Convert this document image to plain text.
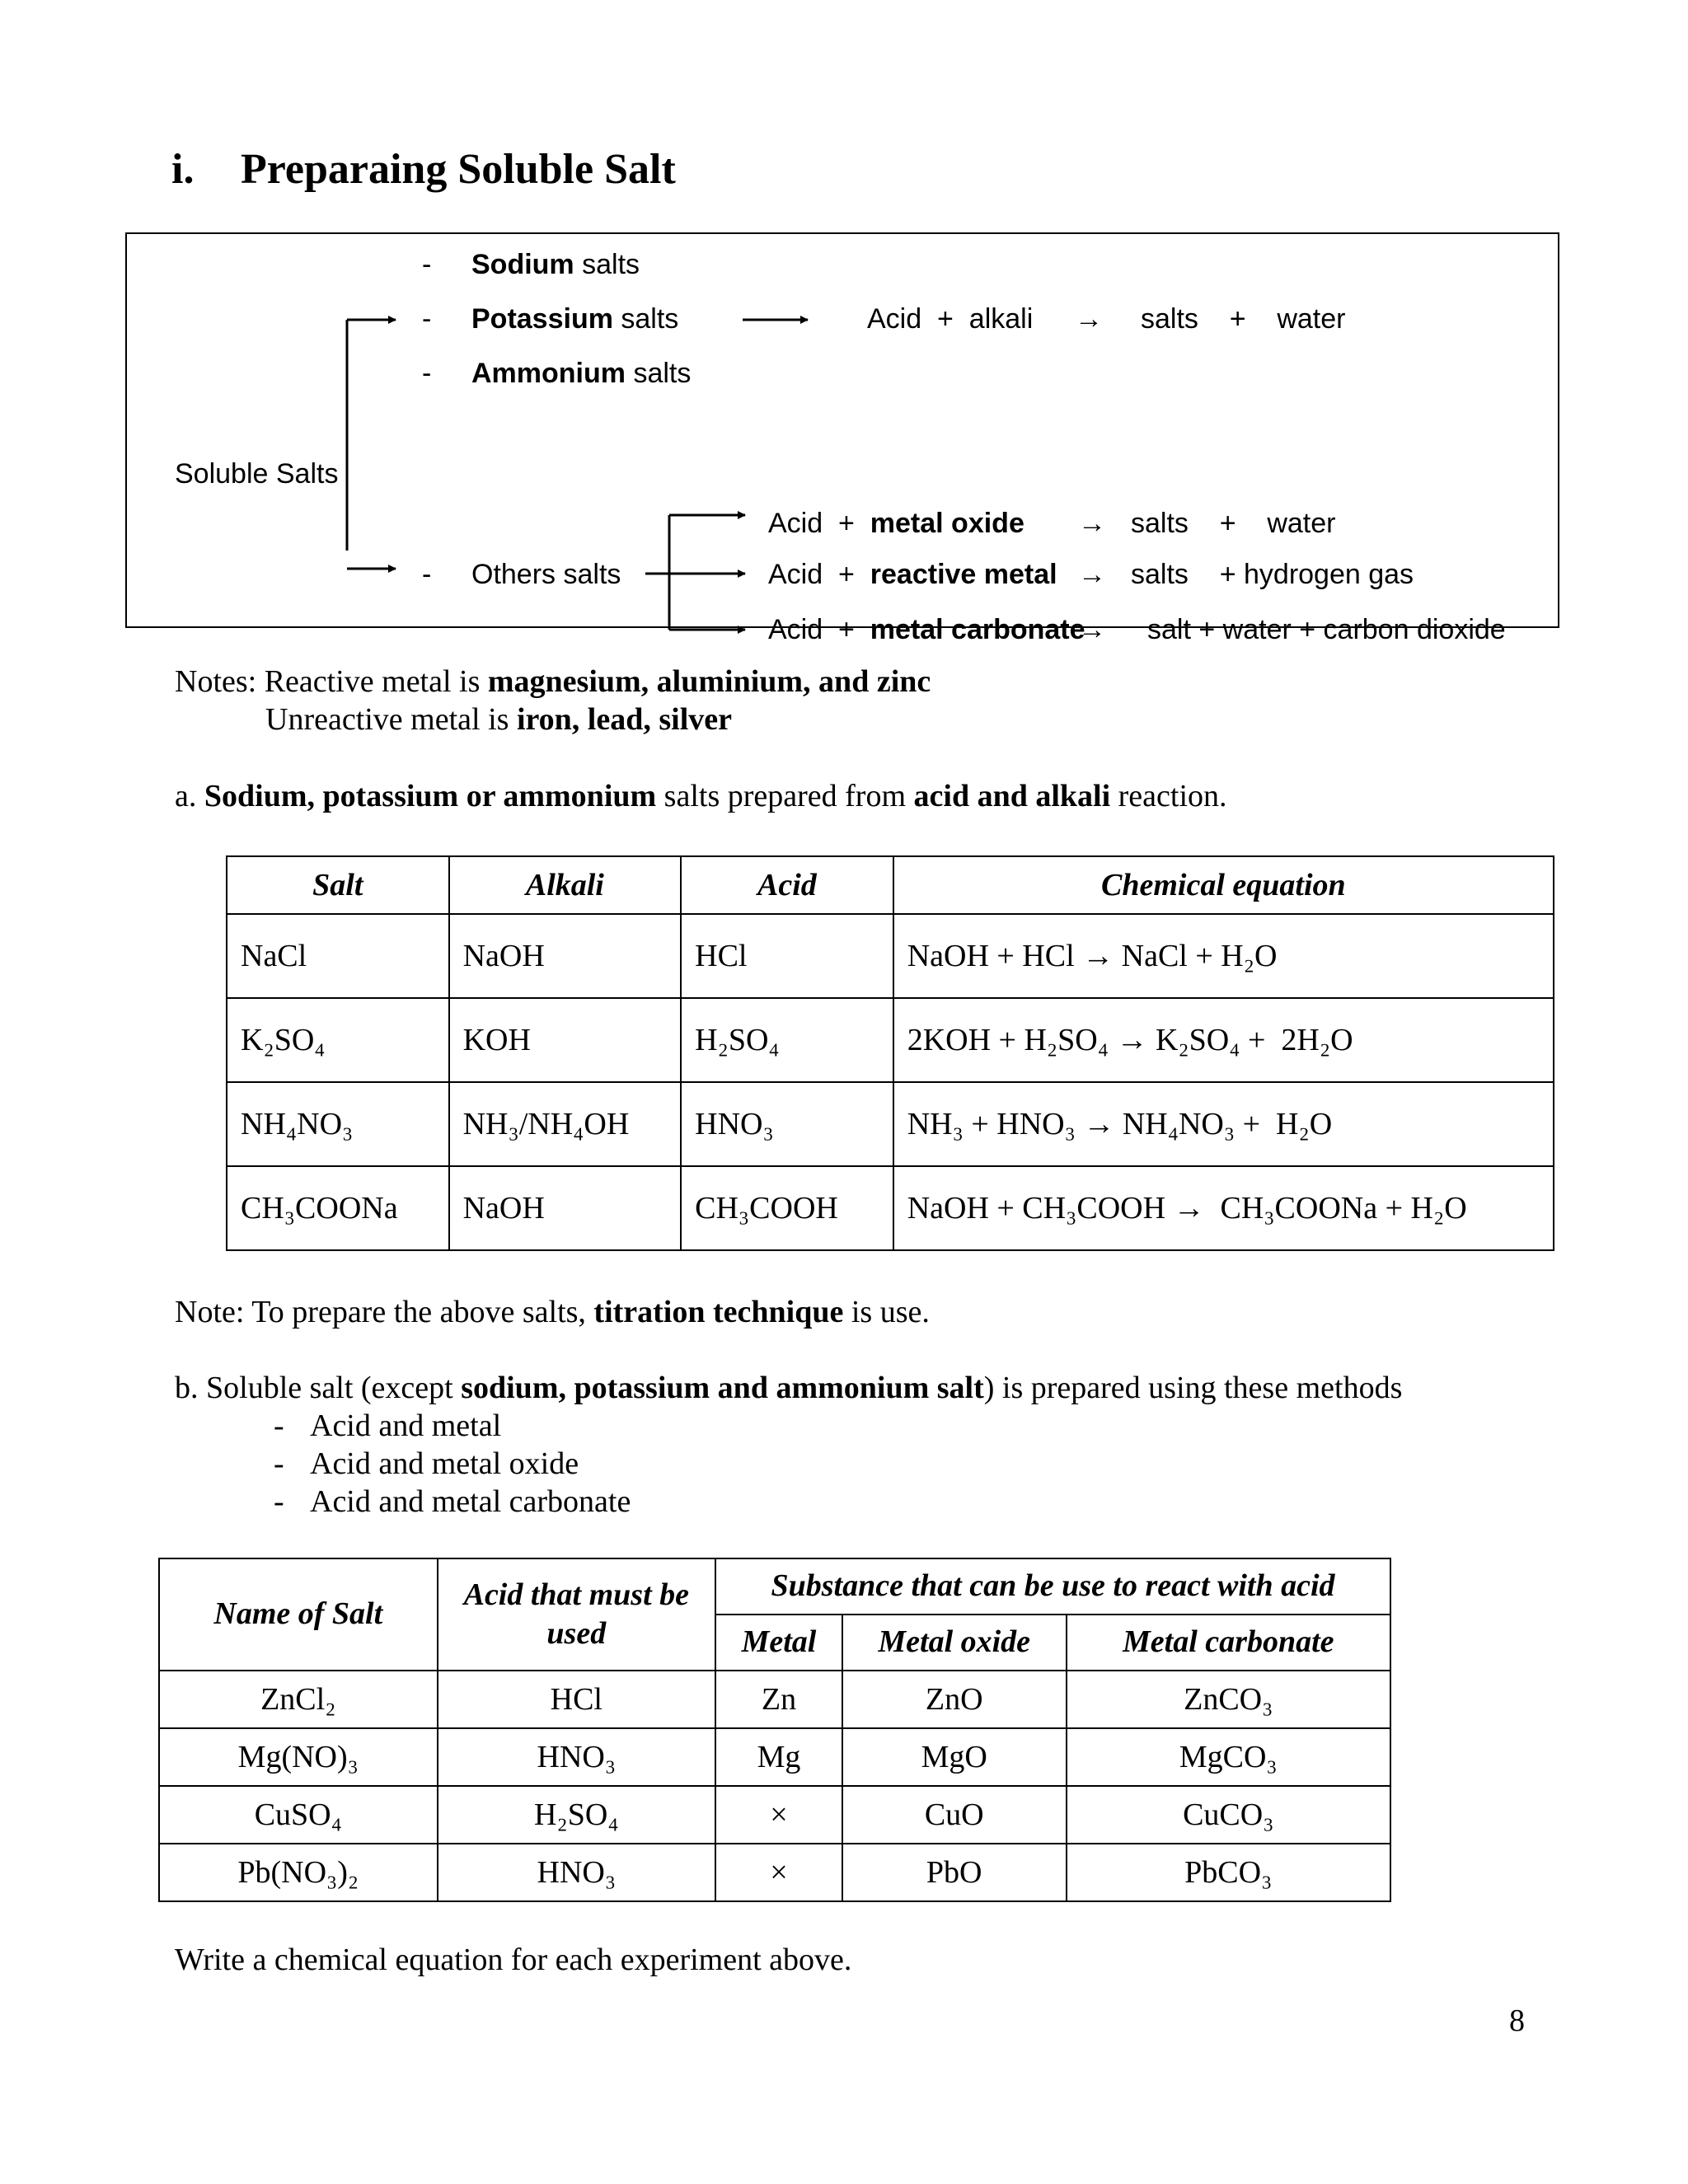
i. Preparaing Soluble Salt
Soluble Salts
- Sodium salts
- Potassium salts
- Ammonium salts
Acid  +  alkali → salts    +    water
- Others salts
Acid  +  metal oxide → salts    +    water
Acid  +  reactive metal → salts    + hydrogen gas
Acid  +  metal carbonate
→ salt + water + carbon dioxide
Notes: Reactive metal is magnesium, aluminium, and zinc
Unreactive metal is iron, lead, silver
a. Sodium, potassium or ammonium salts prepared from acid and alkali reaction.
Salt	Alkali	Acid	Chemical equation
NaCl	NaOH	HCl	NaOH + HCl → NaCl + H₂O
K₂SO₄	KOH	H₂SO₄	2KOH + H₂SO₄ → K₂SO₄ +  2H₂O
NH₄NO₃	NH₃/NH₄OH	HNO₃	NH₃ + HNO₃ → NH₄NO₃ +  H₂O
CH₃COONa	NaOH	CH₃COOH	NaOH + CH₃COOH →  CH₃COONa + H₂O
Note: To prepare the above salts, titration technique is use.
b. Soluble salt (except sodium, potassium and ammonium salt) is prepared using these methods
- Acid and metal
- Acid and metal oxide
- Acid and metal carbonate
Name of Salt	Acid that must be used	Substance that can be use to react with acid		
		Metal	Metal oxide	Metal carbonate
ZnCl₂	HCl	Zn	ZnO	ZnCO₃
Mg(NO)₃	HNO₃	Mg	MgO	MgCO₃
CuSO₄	H₂SO₄	×	CuO	CuCO₃
Pb(NO₃)₂	HNO₃	×	PbO	PbCO₃
Write a chemical equation for each experiment above.
8
